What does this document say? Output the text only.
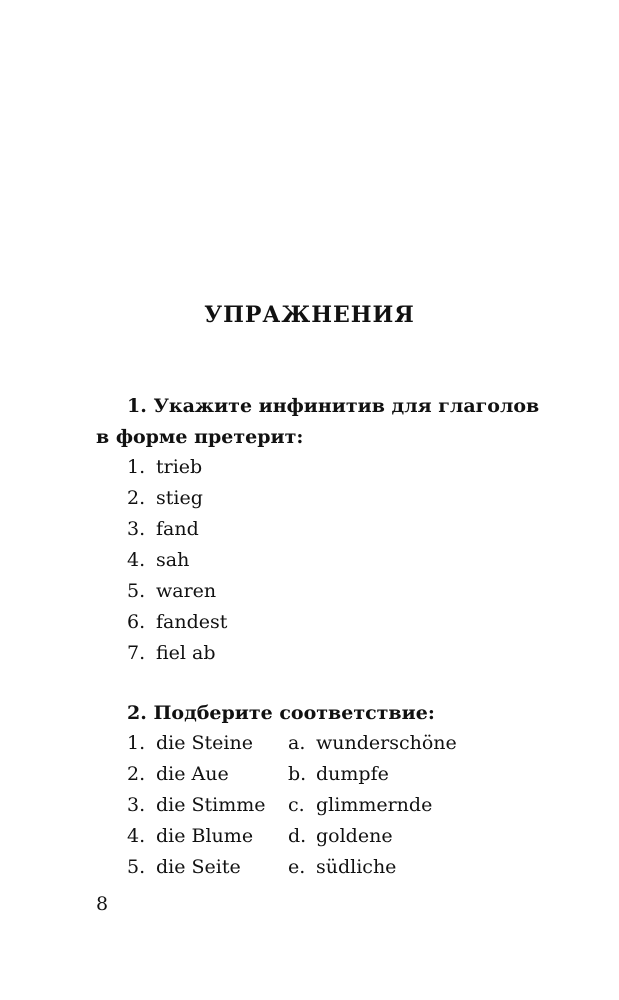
УПРАЖНЕНИЯ
1. Укажите инфинитив для глаголов
в форме претерит:
1. trieb
2. stieg
3. fand
4. sah
5. waren
6. fandest
7. fiel ab
2. Подберите соответствие:
1. die Steine a. wunderschöne
2. die Aue	b. dumpfe
3. die Stimme c. glimmernde
4. die Blume d. goldene
5. die Seite e. südliche
8
